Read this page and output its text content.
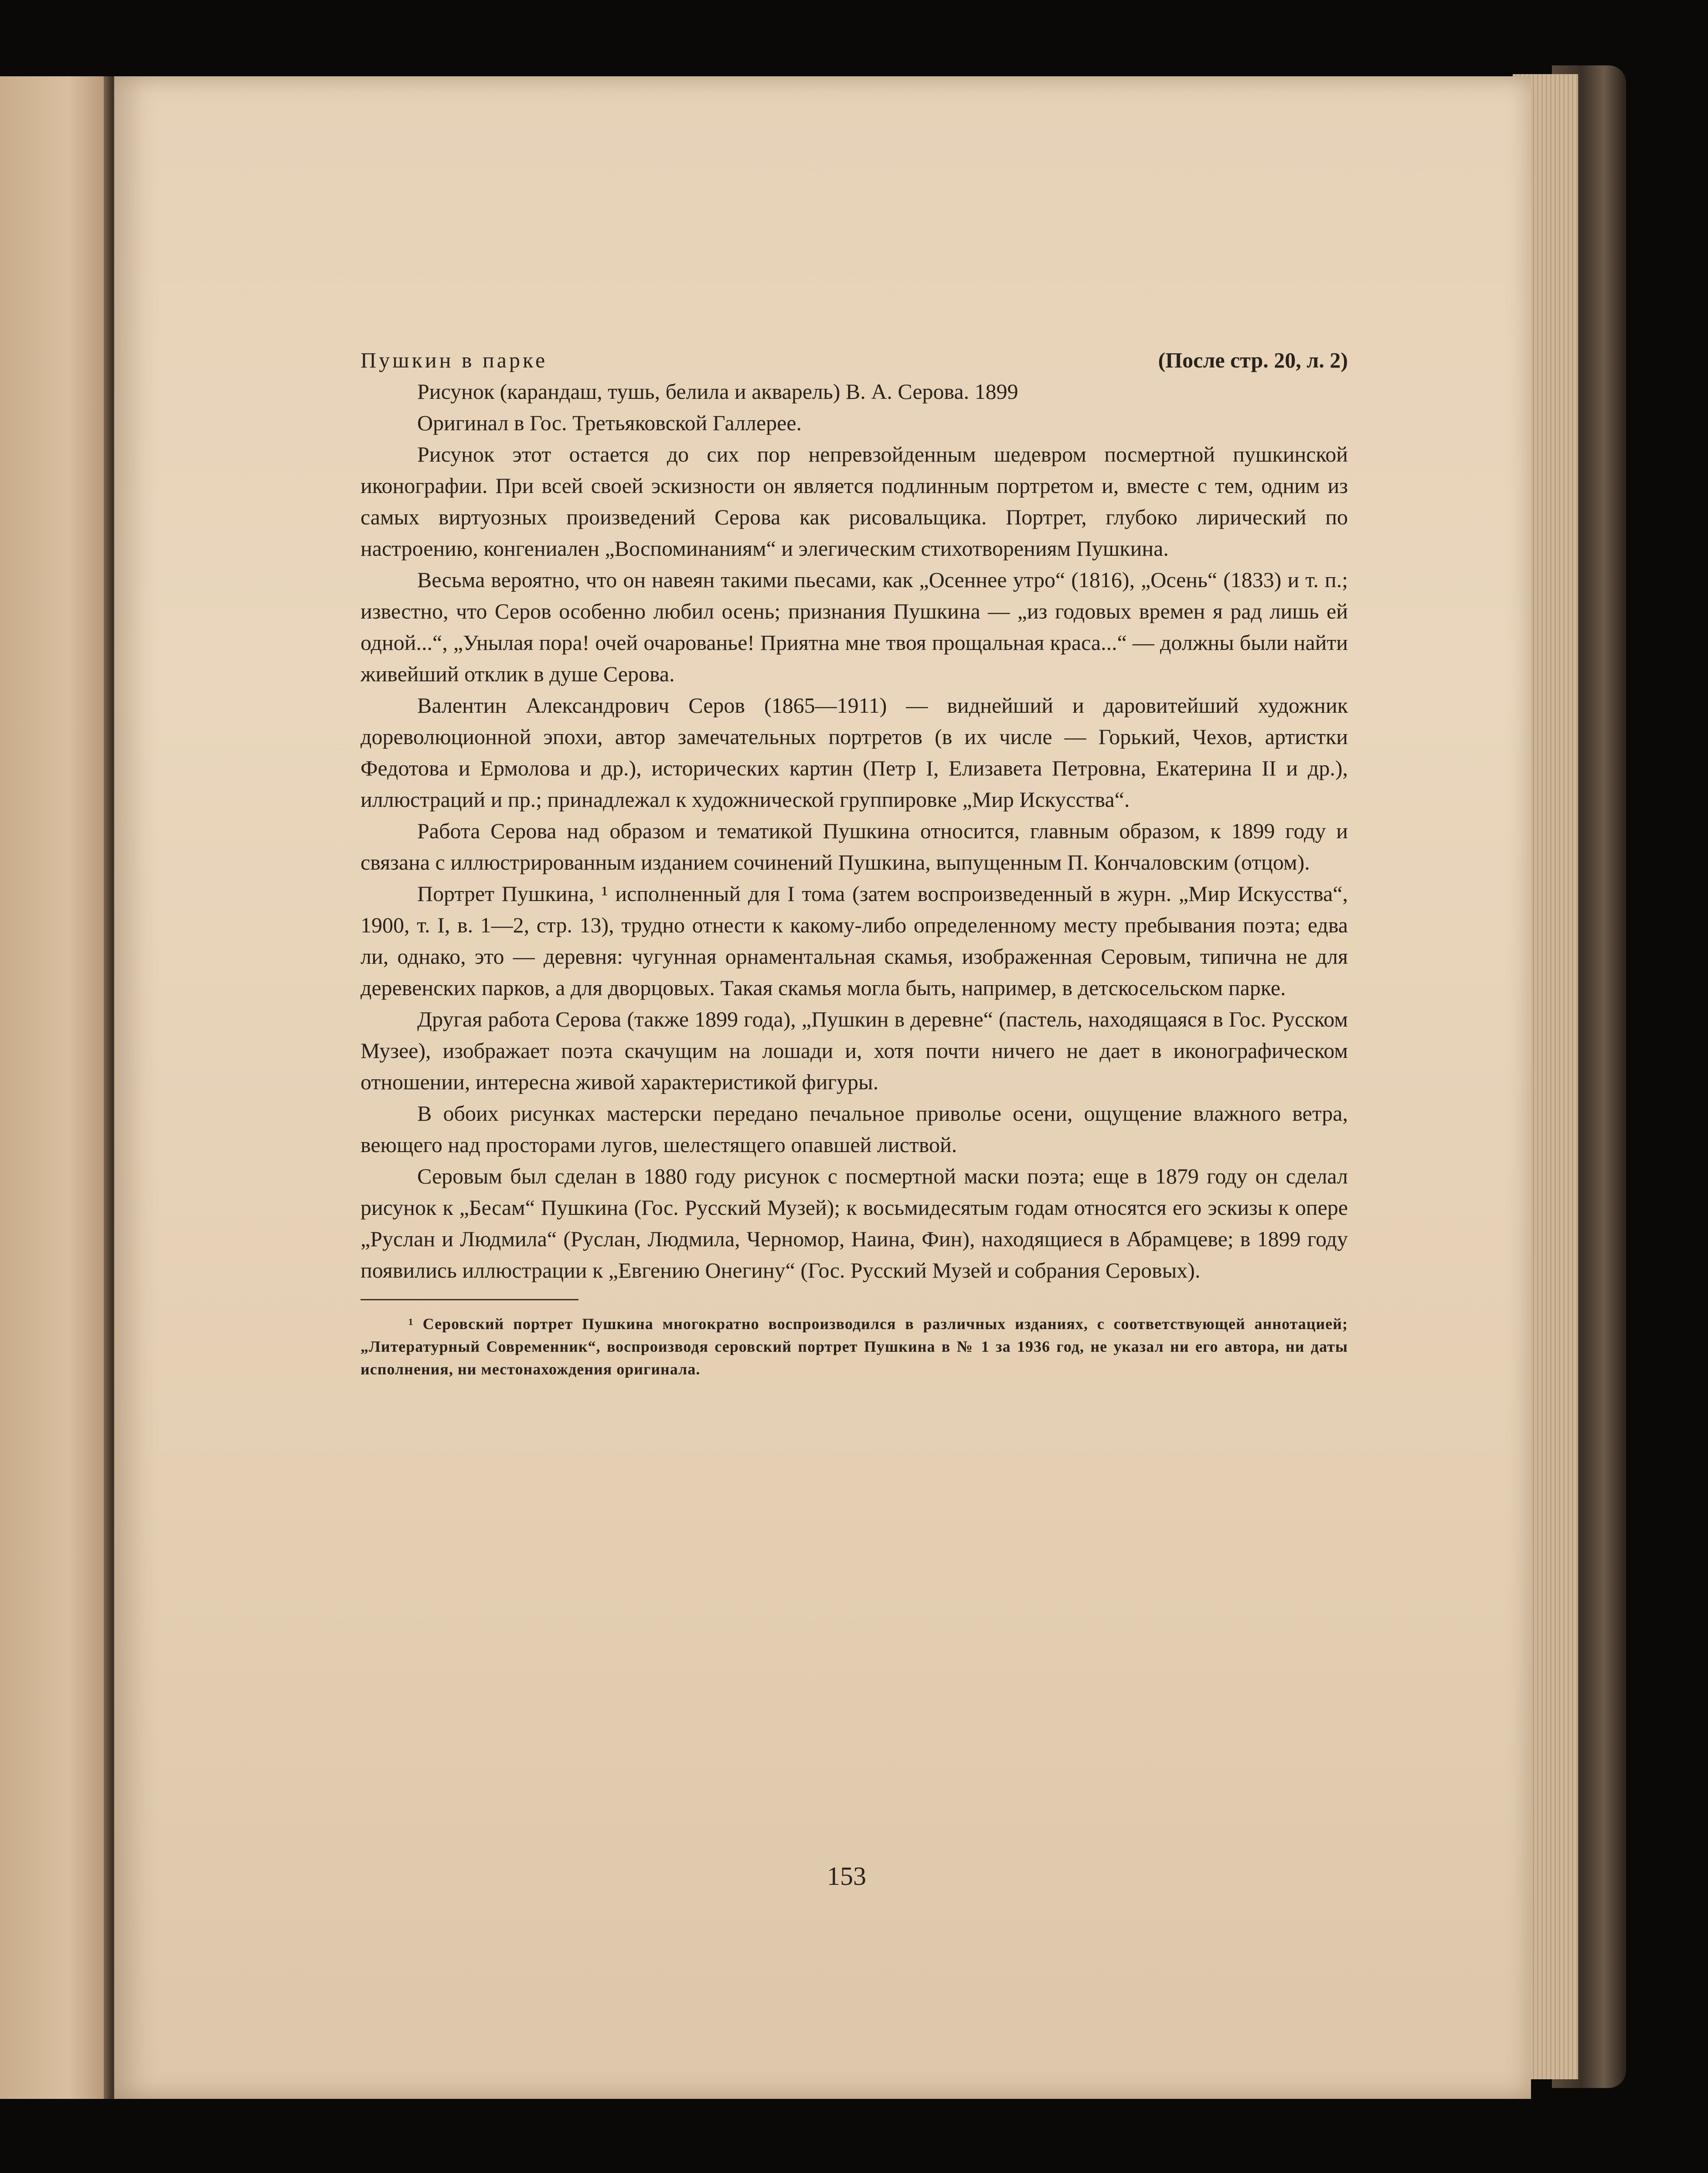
Пушкин в парке	(После стр. 20, л. 2)
Рисунок (карандаш, тушь, белила и акварель) В. А. Серова. 1899
Оригинал в Гос. Третьяковской Галлерее.

Рисунок этот остается до сих пор непревзойденным шедевром посмертной пушкинской иконографии. При всей своей эскизности он является подлинным портретом и, вместе с тем, одним из самых виртуозных произведений Серова как рисовальщика. Портрет, глубоко лирический по настроению, конгениален „Воспоминаниям“ и элегическим стихотворениям Пушкина.

Весьма вероятно, что он навеян такими пьесами, как „Осеннее утро“ (1816), „Осень“ (1833) и т. п.; известно, что Серов особенно любил осень; признания Пушкина — „из годовых времен я рад лишь ей одной...“, „Унылая пора! очей очарованье! Приятна мне твоя прощальная краса...“ — должны были найти живейший отклик в душе Серова.

Валентин Александрович Серов (1865—1911) — виднейший и даровитейший художник дореволюционной эпохи, автор замечательных портретов (в их числе — Горький, Чехов, артистки Федотова и Ермолова и др.), исторических картин (Петр I, Елизавета Петровна, Екатерина II и др.), иллюстраций и пр.; принадлежал к художнической группировке „Мир Искусства“.

Работа Серова над образом и тематикой Пушкина относится, главным образом, к 1899 году и связана с иллюстрированным изданием сочинений Пушкина, выпущенным П. Кончаловским (отцом).

Портрет Пушкина, ¹ исполненный для I тома (затем воспроизведенный в журн. „Мир Искусства“, 1900, т. I, в. 1—2, стр. 13), трудно отнести к какому-либо определенному месту пребывания поэта; едва ли, однако, это — деревня: чугунная орнаментальная скамья, изображенная Серовым, типична не для деревенских парков, а для дворцовых. Такая скамья могла быть, например, в детскосельском парке.

Другая работа Серова (также 1899 года), „Пушкин в деревне“ (пастель, находящаяся в Гос. Русском Музее), изображает поэта скачущим на лошади и, хотя почти ничего не дает в иконографическом отношении, интересна живой характеристикой фигуры.

В обоих рисунках мастерски передано печальное приволье осени, ощущение влажного ветра, веющего над просторами лугов, шелестящего опавшей листвой.

Серовым был сделан в 1880 году рисунок с посмертной маски поэта; еще в 1879 году он сделал рисунок к „Бесам“ Пушкина (Гос. Русский Музей); к восьмидесятым годам относятся его эскизы к опере „Руслан и Людмила“ (Руслан, Людмила, Черномор, Наина, Фин), находящиеся в Абрамцеве; в 1899 году появились иллюстрации к „Евгению Онегину“ (Гос. Русский Музей и собрания Серовых).

¹ Серовский портрет Пушкина многократно воспроизводился в различных изданиях, с соответствующей аннотацией; „Литературный Современник“, воспроизводя серовский портрет Пушкина в № 1 за 1936 год, не указал ни его автора, ни даты исполнения, ни местонахождения оригинала.

153
